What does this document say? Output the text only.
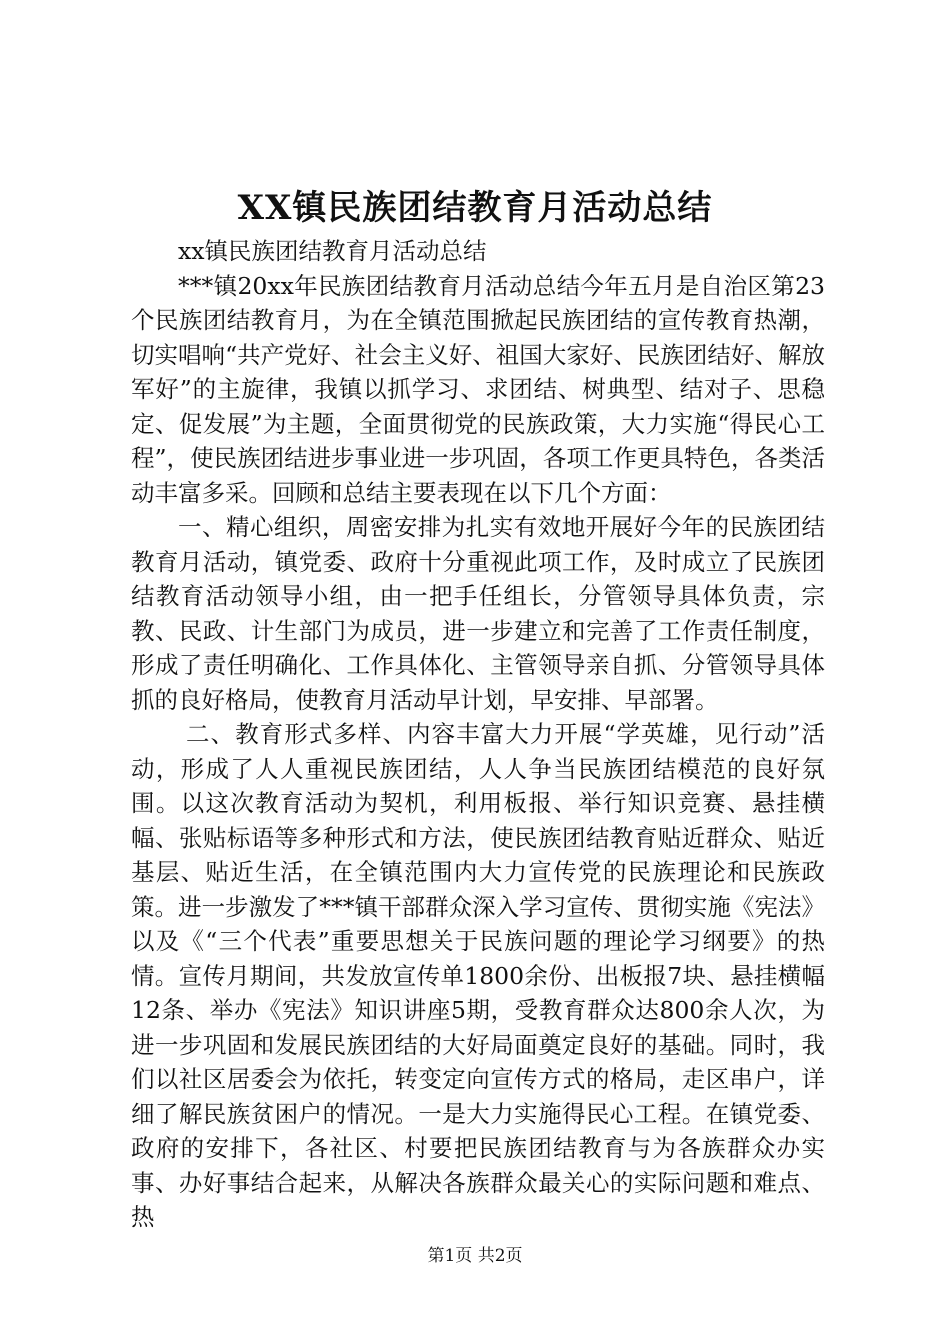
XX镇民族团结教育月活动总结

xx镇民族团结教育月活动总结

***镇20xx年民族团结教育月活动总结今年五月是自治区第23个民族团结教育月，为在全镇范围掀起民族团结的宣传教育热潮，切实唱响“共产党好、社会主义好、祖国大家好、民族团结好、解放军好”的主旋律，我镇以抓学习、求团结、树典型、结对子、思稳定、促发展”为主题，全面贯彻党的民族政策，大力实施“得民心工程”，使民族团结进步事业进一步巩固，各项工作更具特色，各类活动丰富多采。回顾和总结主要表现在以下几个方面：

一、精心组织，周密安排为扎实有效地开展好今年的民族团结教育月活动，镇党委、政府十分重视此项工作，及时成立了民族团结教育活动领导小组，由一把手任组长，分管领导具体负责，宗教、民政、计生部门为成员，进一步建立和完善了工作责任制度，形成了责任明确化、工作具体化、主管领导亲自抓、分管领导具体抓的良好格局，使教育月活动早计划，早安排、早部署。

二、教育形式多样、内容丰富大力开展“学英雄，见行动”活动，形成了人人重视民族团结，人人争当民族团结模范的良好氛围。以这次教育活动为契机，利用板报、举行知识竞赛、悬挂横幅、张贴标语等多种形式和方法，使民族团结教育贴近群众、贴近基层、贴近生活，在全镇范围内大力宣传党的民族理论和民族政策。进一步激发了***镇干部群众深入学习宣传、贯彻实施《宪法》以及《“三个代表”重要思想关于民族问题的理论学习纲要》的热情。宣传月期间，共发放宣传单1800余份、出板报7块、悬挂横幅12条、举办《宪法》知识讲座5期，受教育群众达800余人次，为进一步巩固和发展民族团结的大好局面奠定良好的基础。同时，我们以社区居委会为依托，转变定向宣传方式的格局，走区串户，详细了解民族贫困户的情况。一是大力实施得民心工程。在镇党委、政府的安排下，各社区、村要把民族团结教育与为各族群众办实事、办好事结合起来，从解决各族群众最关心的实际问题和难点、热

第1页 共2页
